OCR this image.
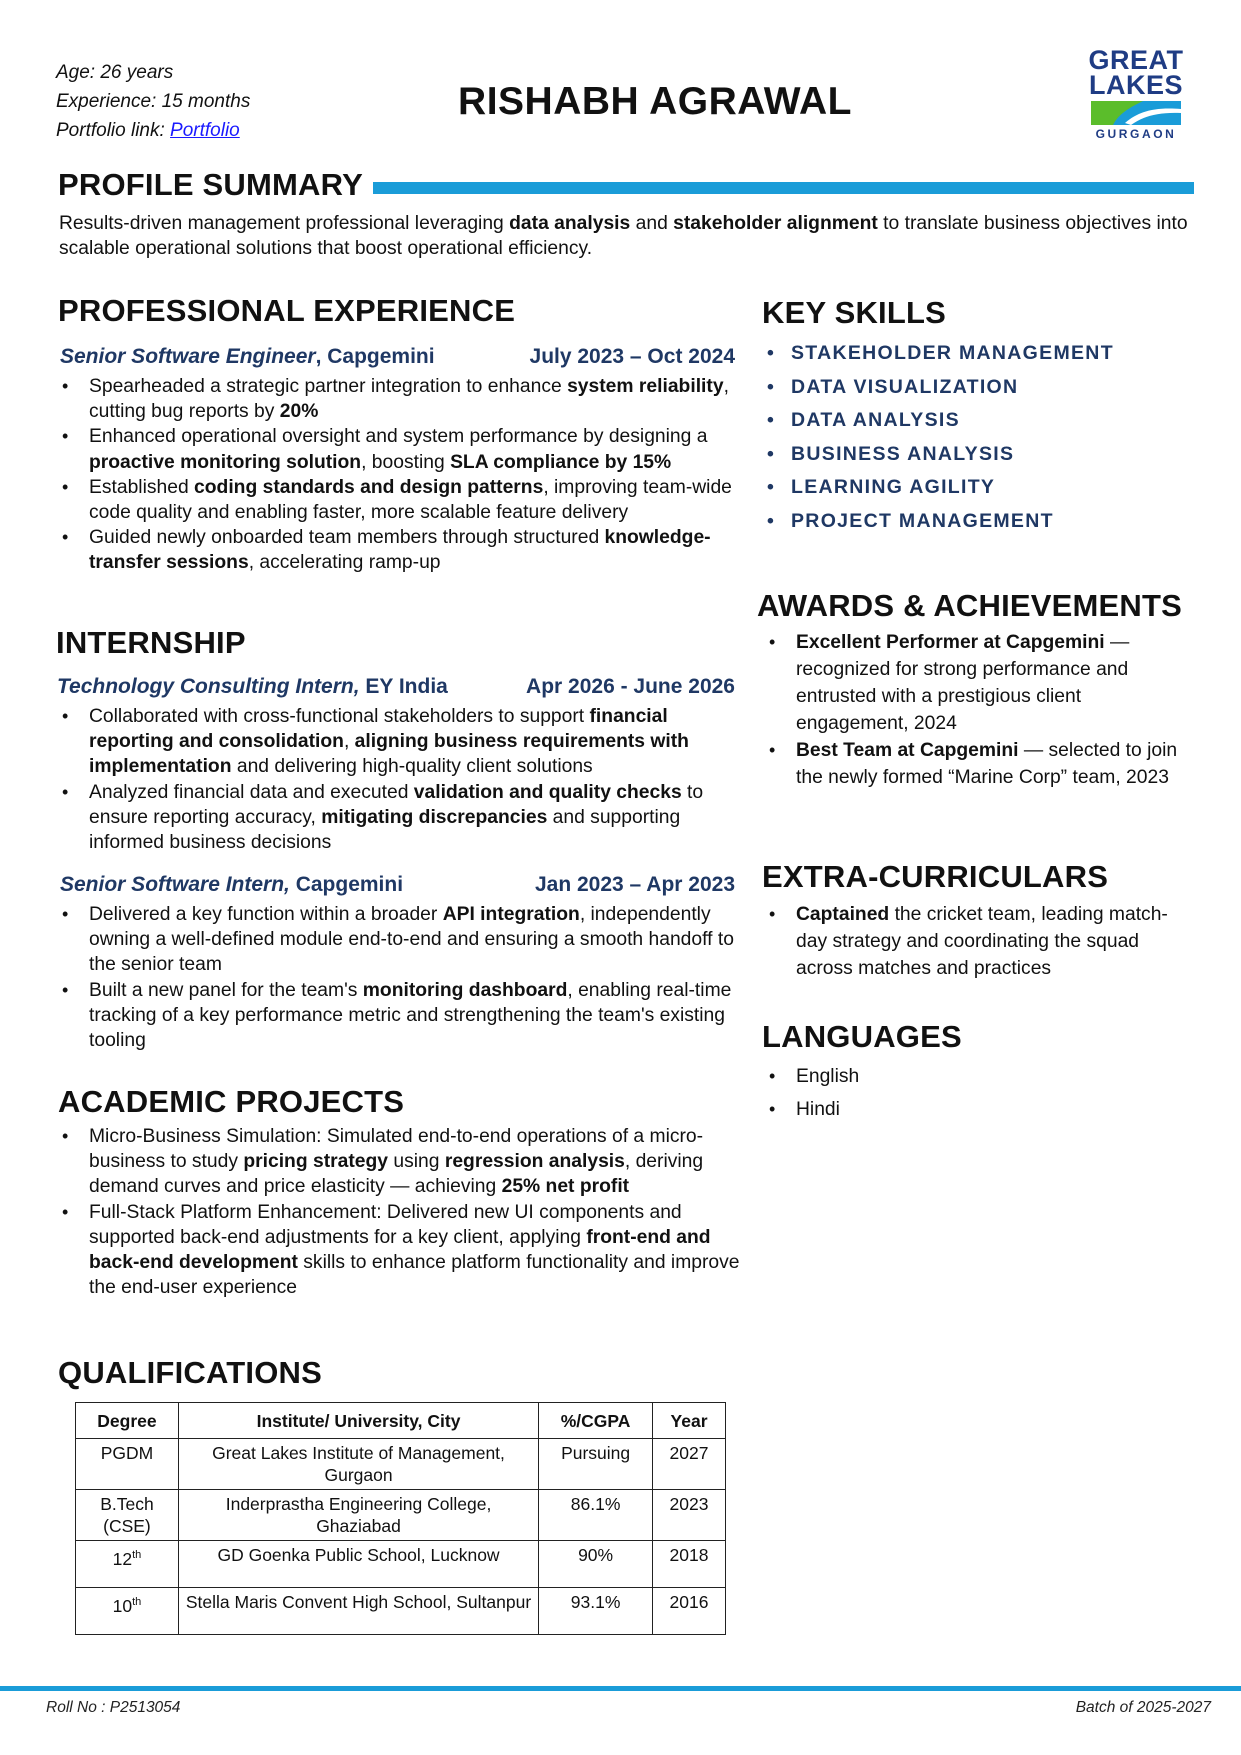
Age: 26 years
Experience: 15 months
Portfolio link: Portfolio
RISHABH AGRAWAL
GREAT
LAKES
GURGAON
PROFILE SUMMARY
Results-driven management professional leveraging data analysis and stakeholder alignment to translate business objectives into scalable operational solutions that boost operational efficiency.
PROFESSIONAL EXPERIENCE
Senior Software Engineer, Capgemini	July 2023 – Oct 2024
• Spearheaded a strategic partner integration to enhance system reliability, cutting bug reports by 20%
• Enhanced operational oversight and system performance by designing a proactive monitoring solution, boosting SLA compliance by 15%
• Established coding standards and design patterns, improving team-wide code quality and enabling faster, more scalable feature delivery
• Guided newly onboarded team members through structured knowledge-transfer sessions, accelerating ramp-up
INTERNSHIP
Technology Consulting Intern, EY India	Apr 2026 - June 2026
• Collaborated with cross-functional stakeholders to support financial reporting and consolidation, aligning business requirements with implementation and delivering high-quality client solutions
• Analyzed financial data and executed validation and quality checks to ensure reporting accuracy, mitigating discrepancies and supporting informed business decisions
Senior Software Intern, Capgemini	Jan 2023 – Apr 2023
• Delivered a key function within a broader API integration, independently owning a well-defined module end-to-end and ensuring a smooth handoff to the senior team
• Built a new panel for the team's monitoring dashboard, enabling real-time tracking of a key performance metric and strengthening the team's existing tooling
ACADEMIC PROJECTS
• Micro-Business Simulation: Simulated end-to-end operations of a micro-business to study pricing strategy using regression analysis, deriving demand curves and price elasticity — achieving 25% net profit
• Full-Stack Platform Enhancement: Delivered new UI components and supported back-end adjustments for a key client, applying front-end and back-end development skills to enhance platform functionality and improve the end-user experience
QUALIFICATIONS
Degree	Institute/ University, City	%/CGPA	Year
PGDM	Great Lakes Institute of Management, Gurgaon	Pursuing	2027
B.Tech (CSE)	Inderprastha Engineering College, Ghaziabad	86.1%	2023
12th	GD Goenka Public School, Lucknow	90%	2018
10th	Stella Maris Convent High School, Sultanpur	93.1%	2016
KEY SKILLS
• STAKEHOLDER MANAGEMENT
• DATA VISUALIZATION
• DATA ANALYSIS
• BUSINESS ANALYSIS
• LEARNING AGILITY
• PROJECT MANAGEMENT
AWARDS & ACHIEVEMENTS
• Excellent Performer at Capgemini — recognized for strong performance and entrusted with a prestigious client engagement, 2024
• Best Team at Capgemini — selected to join the newly formed “Marine Corp” team, 2023
EXTRA-CURRICULARS
• Captained the cricket team, leading match-day strategy and coordinating the squad across matches and practices
LANGUAGES
• English
• Hindi
Roll No : P2513054	Batch of 2025-2027
